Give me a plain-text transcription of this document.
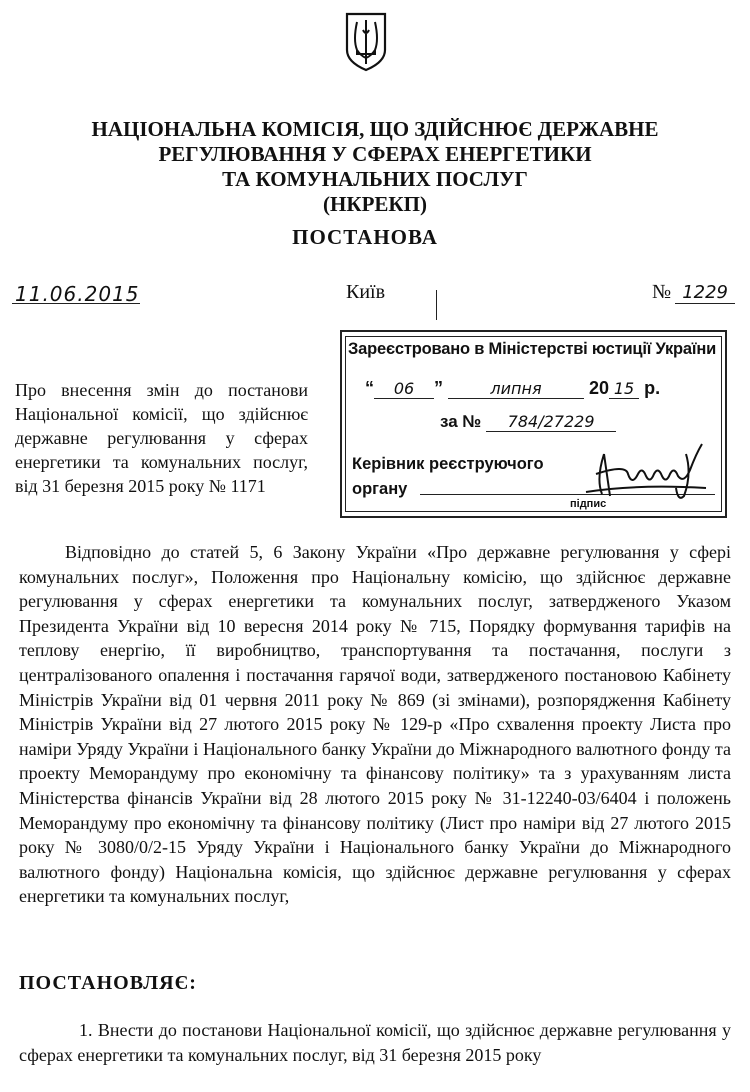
НАЦІОНАЛЬНА КОМІСІЯ, ЩО ЗДІЙСНЮЄ ДЕРЖАВНЕ
РЕГУЛЮВАННЯ У СФЕРАХ ЕНЕРГЕТИКИ
ТА КОМУНАЛЬНИХ ПОСЛУГ
(НКРЕКП)
ПОСТАНОВА
11.06.2015	Київ	№ 1229
Зареєстровано в Міністерстві юстиції України
“ 06 ”	липня	20 15 р.
за № 784/27229
Керівник реєструючого
органу
підпис
Про внесення змін до постанови Національної комісії, що здійснює державне регулювання у сферах енергетики та комунальних послуг, від 31 березня 2015 року № 1171

Відповідно до статей 5, 6 Закону України «Про державне регулювання у сфері комунальних послуг», Положення про Національну комісію, що здійснює державне регулювання у сферах енергетики та комунальних послуг, затвердженого Указом Президента України від 10 вересня 2014 року № 715, Порядку формування тарифів на теплову енергію, її виробництво, транспортування та постачання, послуги з централізованого опалення і постачання гарячої води, затвердженого постановою Кабінету Міністрів України від 01 червня 2011 року № 869 (зі змінами), розпорядження Кабінету Міністрів України від 27 лютого 2015 року № 129-р «Про схвалення проекту Листа про наміри Уряду України і Національного банку України до Міжнародного валютного фонду та проекту Меморандуму про економічну та фінансову політику» та з урахуванням листа Міністерства фінансів України від 28 лютого 2015 року № 31-12240-03/6404 і положень Меморандуму про економічну та фінансову політику (Лист про наміри від 27 лютого 2015 року № 3080/0/2-15 Уряду України і Національного банку України до Міжнародного валютного фонду) Національна комісія, що здійснює державне регулювання у сферах енергетики та комунальних послуг,

ПОСТАНОВЛЯЄ:

1. Внести до постанови Національної комісії, що здійснює державне регулювання у сферах енергетики та комунальних послуг, від 31 березня 2015 року
